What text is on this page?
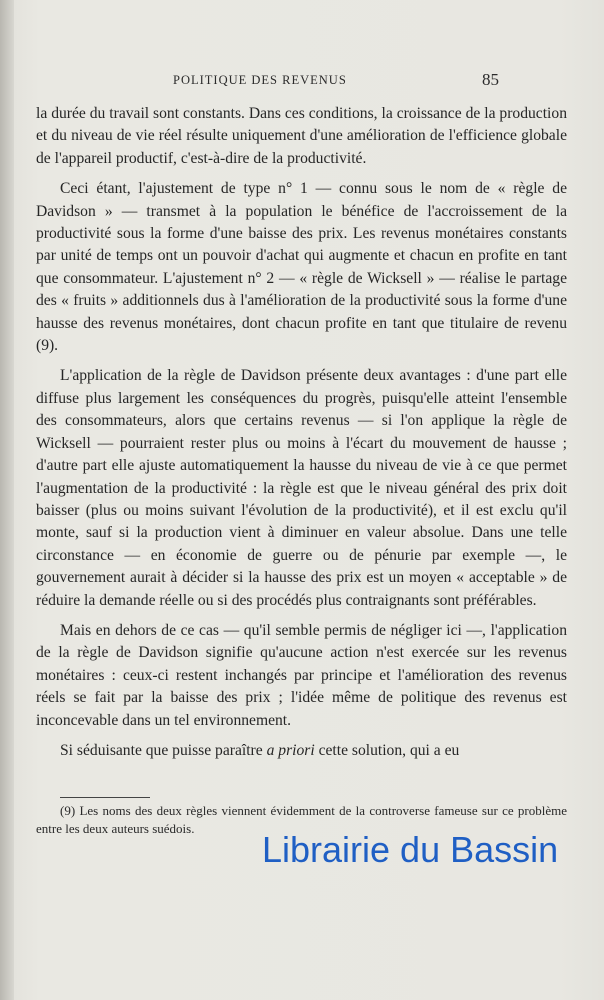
POLITIQUE DES REVENUS	85

la durée du travail sont constants. Dans ces conditions, la croissance de la production et du niveau de vie réel résulte uniquement d'une amélioration de l'efficience globale de l'appareil productif, c'est-à-dire de la productivité.

Ceci étant, l'ajustement de type n° 1 — connu sous le nom de « règle de Davidson » — transmet à la population le bénéfice de l'accroissement de la productivité sous la forme d'une baisse des prix. Les revenus monétaires constants par unité de temps ont un pouvoir d'achat qui augmente et chacun en profite en tant que consommateur. L'ajustement n° 2 — « règle de Wicksell » — réalise le partage des « fruits » additionnels dus à l'amélioration de la productivité sous la forme d'une hausse des revenus monétaires, dont chacun profite en tant que titulaire de revenu (9).

L'application de la règle de Davidson présente deux avantages : d'une part elle diffuse plus largement les conséquences du progrès, puisqu'elle atteint l'ensemble des consommateurs, alors que certains revenus — si l'on applique la règle de Wicksell — pourraient rester plus ou moins à l'écart du mouvement de hausse ; d'autre part elle ajuste automatiquement la hausse du niveau de vie à ce que permet l'augmentation de la productivité : la règle est que le niveau général des prix doit baisser (plus ou moins suivant l'évolution de la productivité), et il est exclu qu'il monte, sauf si la production vient à diminuer en valeur absolue. Dans une telle circonstance — en économie de guerre ou de pénurie par exemple —, le gouvernement aurait à décider si la hausse des prix est un moyen « acceptable » de réduire la demande réelle ou si des procédés plus contraignants sont préférables.

Mais en dehors de ce cas — qu'il semble permis de négliger ici —, l'application de la règle de Davidson signifie qu'aucune action n'est exercée sur les revenus monétaires : ceux-ci restent inchangés par principe et l'amélioration des revenus réels se fait par la baisse des prix ; l'idée même de politique des revenus est inconcevable dans un tel environnement.

Si séduisante que puisse paraître a priori cette solution, qui a eu

(9) Les noms des deux règles viennent évidemment de la controverse fameuse sur ce problème entre les deux auteurs suédois.
Librairie du Bassin
